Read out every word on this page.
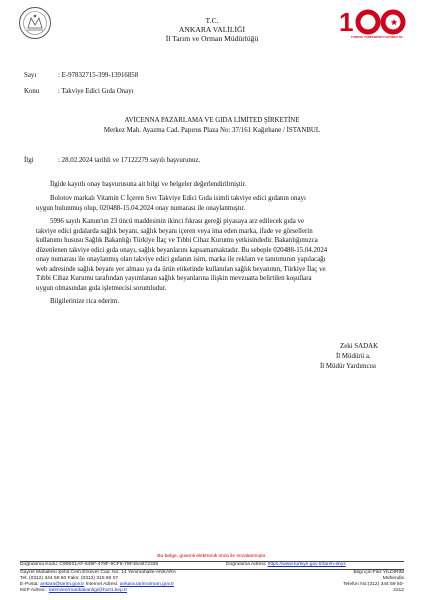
T.C.
ANKARA VALİLİĞİ
İl Tarım ve Orman Müdürlüğü
1
TÜRKİYE CUMHURİYETİ YÜZÜNCÜ YIL
Sayı	: E-97832715-399-13916858
Konu	: Takviye Edici Gıda Onayı
AVİCENNA PAZARLAMA VE GIDA LİMİTED ŞİRKETİNE
Merkez Mah. Ayazma Cad. Papırus Plaza No: 37/161 Kağıthane / İSTANBUL
İlgi	: 28.02.2024 tarihli ve 17122279 sayılı başvurunuz.
İlgide kayıtlı onay başvurusuna ait bilgi ve belgeler değerlendirilmiştir.
Bolotov markalı Vitamin C İçeren Sıvı Takviye Edici Gıda isimli takviye edici gıdanın onayı
uygun bulunmuş olup, 020488-15.04.2024 onay numarası ile onaylanmıştır.
5996 sayılı Kanun'un 23 üncü maddesinin ikinci fıkrası gereği piyasaya arz edilecek gıda ve
takviye edici gıdalarda sağlık beyanı, sağlık beyanı içeren veya ima eden marka, ifade ve görsellerin
kullanımı hususu Sağlık Bakanlığı Türkiye İlaç ve Tıbbi Cihaz Kurumu yetkisindedir. Bakanlığımızca
düzenlenen takviye edici gıda onayı, sağlık beyanlarını kapsamamaktadır. Bu sebeple 020488-15.04.2024
onay numarası ile onaylanmış olan takviye edici gıdanın isim, marka ile reklam ve tanıtımının yapılacağı
web adresinde sağlık beyanı yer alması ya da ürün etiketinde kullanılan sağlık beyanının, Türkiye İlaç ve
Tıbbi Cihaz Kurumu tarafından yayımlanan sağlık beyanlarına ilişkin mevzuatta belirtilen koşullara
uygun olmasından gıda işletmecisi sorumludur.
Bilgilerinize rica ederim.
Zeki SADAK
İl Müdürü a.
İl Müdür Yardımcısı
Bu belge, güvenli elektronik imza ile imzalanmıştır.
Doğrulama Kodu: C90E01AF-549F-478F-9CF6-79F48AB72339	Doğrulama Adresi: https://www.turkiye.gov.tr/tarim-ebys
Gayret Mahallesi Şehit Cem Ersever Cad. No: 14 Yenimahalle-ANKARA
Tel: (0312) 344 59 50 Faks: (0312) 315 60 07
E-Posta: ankara@tarim.gov.tr İnternet Adresi: ankara.tarimorman.gov.tr
KEP Adresi : tarimveormanbakanligi@hs01.kep.tr
Bilgi için:Filiz YILDIRIM
Mühendis
Telefon No:(312) 344 59 50-
2212
